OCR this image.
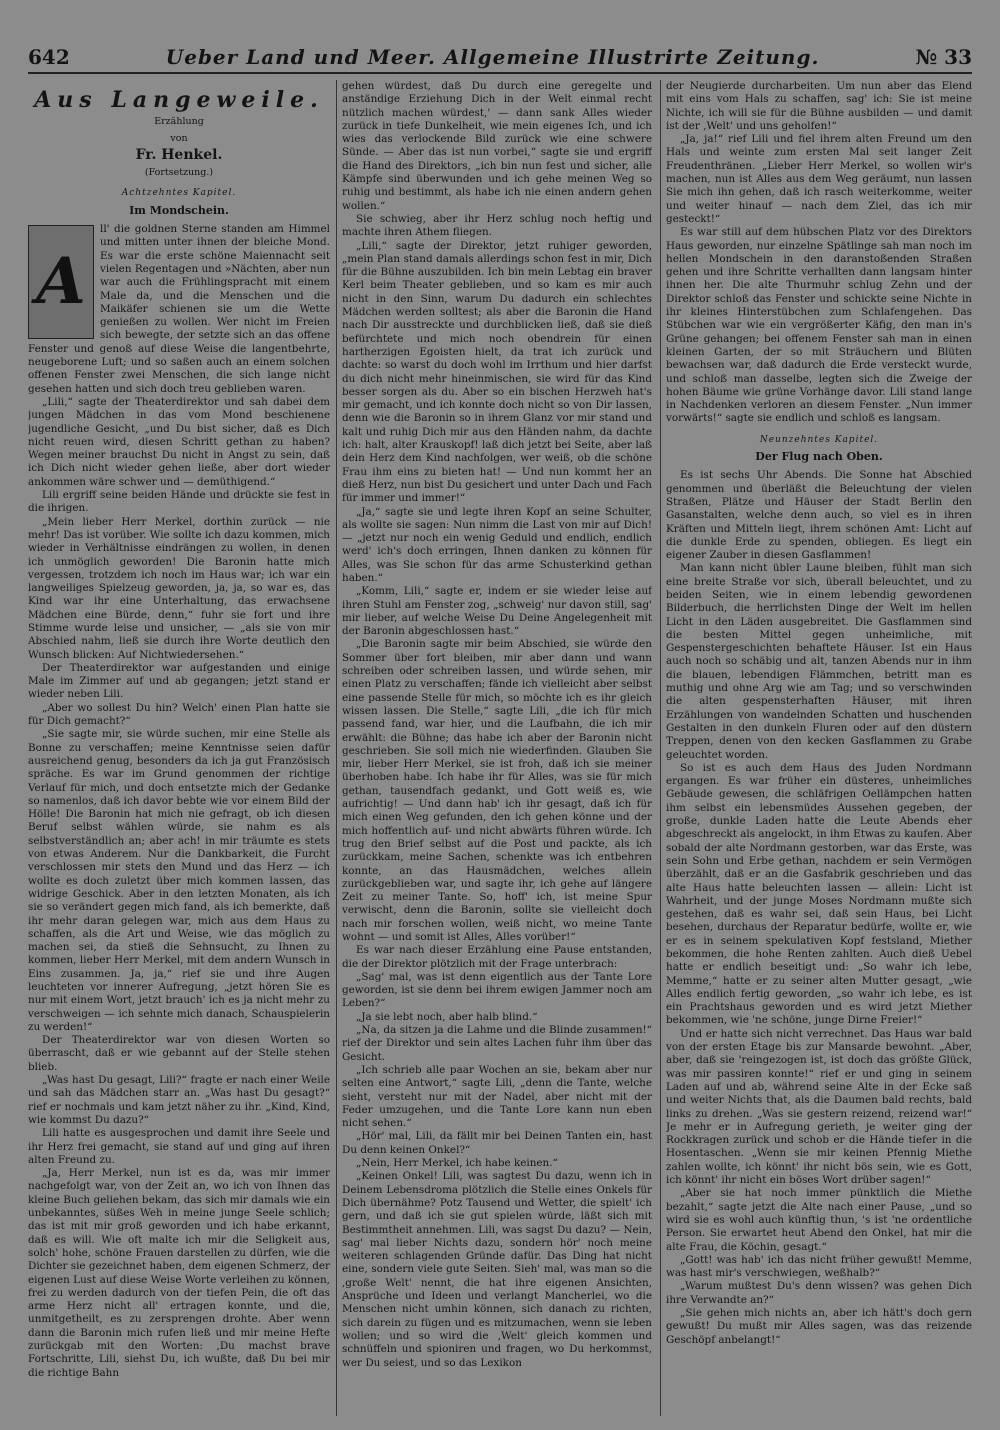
642	Ueber Land und Meer. Allgemeine Illustrirte Zeitung.	№ 33
Aus Langeweile.
Erzählung
von
Fr. Henkel.
(Fortsetzung.)
Achtzehntes Kapitel.
Im Mondschein.
A

ll' die goldnen Sterne standen am Himmel und mitten unter ihnen der bleiche Mond. Es war die erste schöne Maiennacht seit vielen Regentagen und »Nächten, aber nun war auch die Frühlingspracht mit einem Male da, und die Menschen und die Maikäfer schienen sie um die Wette genießen zu wollen. Wer nicht im Freien sich bewegte, der setzte sich an das offene Fenster und genoß auf diese Weise die langentbehrte, neugeborene Luft; und so saßen auch an einem solchen offenen Fenster zwei Menschen, die sich lange nicht gesehen hatten und sich doch treu geblieben waren.

„Lili,“ sagte der Theaterdirektor und sah dabei dem jungen Mädchen in das vom Mond beschienene jugendliche Gesicht, „und Du bist sicher, daß es Dich nicht reuen wird, diesen Schritt gethan zu haben? Wegen meiner brauchst Du nicht in Angst zu sein, daß ich Dich nicht wieder gehen ließe, aber dort wieder ankommen wäre schwer und — demüthigend.“

Lili ergriff seine beiden Hände und drückte sie fest in die ihrigen.

„Mein lieber Herr Merkel, dorthin zurück — nie mehr! Das ist vorüber. Wie sollte ich dazu kommen, mich wieder in Verhältnisse eindrängen zu wollen, in denen ich unmöglich geworden! Die Baronin hatte mich vergessen, trotzdem ich noch im Haus war; ich war ein langweiliges Spielzeug geworden, ja, ja, so war es, das Kind war ihr eine Unterhaltung, das erwachsene Mädchen eine Bürde, denn,“ fuhr sie fort und ihre Stimme wurde leise und unsicher, — „als sie von mir Abschied nahm, ließ sie durch ihre Worte deutlich den Wunsch blicken: Auf Nichtwiedersehen.“

Der Theaterdirektor war aufgestanden und einige Male im Zimmer auf und ab gegangen; jetzt stand er wieder neben Lili.

„Aber wo sollest Du hin? Welch' einen Plan hatte sie für Dich gemacht?“

„Sie sagte mir, sie würde suchen, mir eine Stelle als Bonne zu verschaffen; meine Kenntnisse seien dafür ausreichend genug, besonders da ich ja gut Französisch spräche. Es war im Grund genommen der richtige Verlauf für mich, und doch entsetzte mich der Gedanke so namenlos, daß ich davor bebte wie vor einem Bild der Hölle! Die Baronin hat mich nie gefragt, ob ich diesen Beruf selbst wählen würde, sie nahm es als selbstverständlich an; aber ach! in mir träumte es stets von etwas Anderem. Nur die Dankbarkeit, die Furcht verschlossen mir stets den Mund und das Herz — ich wollte es doch zuletzt über mich kommen lassen, das widrige Geschick. Aber in den letzten Monaten, als ich sie so verändert gegen mich fand, als ich bemerkte, daß ihr mehr daran gelegen war, mich aus dem Haus zu schaffen, als die Art und Weise, wie das möglich zu machen sei, da stieß die Sehnsucht, zu Ihnen zu kommen, lieber Herr Merkel, mit dem andern Wunsch in Eins zusammen. Ja, ja,“ rief sie und ihre Augen leuchteten vor innerer Aufregung, „jetzt hören Sie es nur mit einem Wort, jetzt brauch' ich es ja nicht mehr zu verschweigen — ich sehnte mich danach, Schauspielerin zu werden!“

Der Theaterdirektor war von diesen Worten so überrascht, daß er wie gebannt auf der Stelle stehen blieb.

„Was hast Du gesagt, Lili?“ fragte er nach einer Weile und sah das Mädchen starr an. „Was hast Du gesagt?“ rief er nochmals und kam jetzt näher zu ihr. „Kind, Kind, wie kommst Du dazu?“

Lili hatte es ausgesprochen und damit ihre Seele und ihr Herz frei gemacht, sie stand auf und ging auf ihren alten Freund zu.

„Ja, Herr Merkel, nun ist es da, was mir immer nachgefolgt war, von der Zeit an, wo ich von Ihnen das kleine Buch geliehen bekam, das sich mir damals wie ein unbekanntes, süßes Weh in meine junge Seele schlich; das ist mit mir groß geworden und ich habe erkannt, daß es will. Wie oft malte ich mir die Seligkeit aus, solch' hohe, schöne Frauen darstellen zu dürfen, wie die Dichter sie gezeichnet haben, dem eigenen Schmerz, der eigenen Lust auf diese Weise Worte verleihen zu können, frei zu werden dadurch von der tiefen Pein, die oft das arme Herz nicht all' ertragen konnte, und die, unmitgetheilt, es zu zersprengen drohte. Aber wenn dann die Baronin mich rufen ließ und mir meine Hefte zurückgab mit den Worten: ,Du machst brave Fortschritte, Lili, siehst Du, ich wußte, daß Du bei mir die richtige Bahn

gehen würdest, daß Du durch eine geregelte und anständige Erziehung Dich in der Welt einmal recht nützlich machen würdest,' — dann sank Alles wieder zurück in tiefe Dunkelheit, wie mein eigenes Ich, und ich wies das verlockende Bild zurück wie eine schwere Sünde. — Aber das ist nun vorbei,“ sagte sie und ergriff die Hand des Direktors, „ich bin nun fest und sicher, alle Kämpfe sind überwunden und ich gehe meinen Weg so ruhig und bestimmt, als habe ich nie einen andern gehen wollen.“

Sie schwieg, aber ihr Herz schlug noch heftig und machte ihren Athem fliegen.

„Lili,“ sagte der Direktor, jetzt ruhiger geworden, „mein Plan stand damals allerdings schon fest in mir, Dich für die Bühne auszubilden. Ich bin mein Lebtag ein braver Kerl beim Theater geblieben, und so kam es mir auch nicht in den Sinn, warum Du dadurch ein schlechtes Mädchen werden solltest; als aber die Baronin die Hand nach Dir ausstreckte und durchblicken ließ, daß sie dieß befürchtete und mich noch obendrein für einen hartherzigen Egoisten hielt, da trat ich zurück und dachte: so warst du doch wohl im Irrthum und hier darfst du dich nicht mehr hineinmischen, sie wird für das Kind besser sorgen als du. Aber so ein bischen Herzweh hat's mir gemacht, und ich konnte doch nicht so von Dir lassen, denn wie die Baronin so in ihrem Glanz vor mir stand und kalt und ruhig Dich mir aus den Händen nahm, da dachte ich: halt, alter Krauskopf! laß dich jetzt bei Seite, aber laß dein Herz dem Kind nachfolgen, wer weiß, ob die schöne Frau ihm eins zu bieten hat! — Und nun kommt her an dieß Herz, nun bist Du gesichert und unter Dach und Fach für immer und immer!“

„Ja,“ sagte sie und legte ihren Kopf an seine Schulter, als wollte sie sagen: Nun nimm die Last von mir auf Dich! — „jetzt nur noch ein wenig Geduld und endlich, endlich werd' ich's doch erringen, Ihnen danken zu können für Alles, was Sie schon für das arme Schusterkind gethan haben.“

„Komm, Lili,“ sagte er, indem er sie wieder leise auf ihren Stuhl am Fenster zog, „schweig' nur davon still, sag' mir lieber, auf welche Weise Du Deine Angelegenheit mit der Baronin abgeschlossen hast.“

„Die Baronin sagte mir beim Abschied, sie würde den Sommer über fort bleiben, mir aber dann und wann schreiben oder schreiben lassen, und würde sehen, mir einen Platz zu verschaffen; fände ich vielleicht aber selbst eine passende Stelle für mich, so möchte ich es ihr gleich wissen lassen. Die Stelle,“ sagte Lili, „die ich für mich passend fand, war hier, und die Laufbahn, die ich mir erwählt: die Bühne; das habe ich aber der Baronin nicht geschrieben. Sie soll mich nie wiederfinden. Glauben Sie mir, lieber Herr Merkel, sie ist froh, daß ich sie meiner überhoben habe. Ich habe ihr für Alles, was sie für mich gethan, tausendfach gedankt, und Gott weiß es, wie aufrichtig! — Und dann hab' ich ihr gesagt, daß ich für mich einen Weg gefunden, den ich gehen könne und der mich hoffentlich auf- und nicht abwärts führen würde. Ich trug den Brief selbst auf die Post und packte, als ich zurückkam, meine Sachen, schenkte was ich entbehren konnte, an das Hausmädchen, welches allein zurückgeblieben war, und sagte ihr, ich gehe auf längere Zeit zu meiner Tante. So, hoff' ich, ist meine Spur verwischt, denn die Baronin, sollte sie vielleicht doch nach mir forschen wollen, weiß nicht, wo meine Tante wohnt — und somit ist Alles, Alles vorüber!“

Es war nach dieser Erzählung eine Pause entstanden, die der Direktor plötzlich mit der Frage unterbrach:

„Sag' mal, was ist denn eigentlich aus der Tante Lore geworden, ist sie denn bei ihrem ewigen Jammer noch am Leben?“

„Ja sie lebt noch, aber halb blind.“

„Na, da sitzen ja die Lahme und die Blinde zusammen!“ rief der Direktor und sein altes Lachen fuhr ihm über das Gesicht.

„Ich schrieb alle paar Wochen an sie, bekam aber nur selten eine Antwort,“ sagte Lili, „denn die Tante, welche sieht, versteht nur mit der Nadel, aber nicht mit der Feder umzugehen, und die Tante Lore kann nun eben nicht sehen.“

„Hör' mal, Lili, da fällt mir bei Deinen Tanten ein, hast Du denn keinen Onkel?“

„Nein, Herr Merkel, ich habe keinen.“

„Keinen Onkel! Lili, was sagtest Du dazu, wenn ich in Deinem Lebensdroma plötzlich die Stelle eines Onkels für Dich übernähme? Potz Tausend und Wetter, die spielt' ich gern, und daß ich sie gut spielen würde, läßt sich mit Bestimmtheit annehmen. Lili, was sagst Du dazu? — Nein, sag' mal lieber Nichts dazu, sondern hör' noch meine weiteren schlagenden Gründe dafür. Das Ding hat nicht eine, sondern viele gute Seiten. Sieh' mal, was man so die ,große Welt' nennt, die hat ihre eigenen Ansichten, Ansprüche und Ideen und verlangt Mancherlei, wo die Menschen nicht umhin können, sich danach zu richten, sich darein zu fügen und es mitzumachen, wenn sie leben wollen; und so wird die ,Welt' gleich kommen und schnüffeln und spioniren und fragen, wo Du herkommst, wer Du seiest, und so das Lexikon

der Neugierde durcharbeiten. Um nun aber das Elend mit eins vom Hals zu schaffen, sag' ich: Sie ist meine Nichte, ich will sie für die Bühne ausbilden — und damit ist der ,Welt' und uns geholfen!“

„Ja, ja!“ rief Lili und fiel ihrem alten Freund um den Hals und weinte zum ersten Mal seit langer Zeit Freudenthränen. „Lieber Herr Merkel, so wollen wir's machen, nun ist Alles aus dem Weg geräumt, nun lassen Sie mich ihn gehen, daß ich rasch weiterkomme, weiter und weiter hinauf — nach dem Ziel, das ich mir gesteckt!“

Es war still auf dem hübschen Platz vor des Direktors Haus geworden, nur einzelne Spätlinge sah man noch im hellen Mondschein in den daranstoßenden Straßen gehen und ihre Schritte verhallten dann langsam hinter ihnen her. Die alte Thurmuhr schlug Zehn und der Direktor schloß das Fenster und schickte seine Nichte in ihr kleines Hinterstübchen zum Schlafengehen. Das Stübchen war wie ein vergrößerter Käfig, den man in's Grüne gehangen; bei offenem Fenster sah man in einen kleinen Garten, der so mit Sträuchern und Blüten bewachsen war, daß dadurch die Erde versteckt wurde, und schloß man dasselbe, legten sich die Zweige der hohen Bäume wie grüne Vorhänge davor. Lili stand lange in Nachdenken verloren an diesem Fenster. „Nun immer vorwärts!“ sagte sie endlich und schloß es langsam.

Neunzehntes Kapitel.
Der Flug nach Oben.

Es ist sechs Uhr Abends. Die Sonne hat Abschied genommen und überläßt die Beleuchtung der vielen Straßen, Plätze und Häuser der Stadt Berlin den Gasanstalten, welche denn auch, so viel es in ihren Kräften und Mitteln liegt, ihrem schönen Amt: Licht auf die dunkle Erde zu spenden, obliegen. Es liegt ein eigener Zauber in diesen Gasflammen!

Man kann nicht übler Laune bleiben, fühlt man sich eine breite Straße vor sich, überall beleuchtet, und zu beiden Seiten, wie in einem lebendig gewordenen Bilderbuch, die herrlichsten Dinge der Welt im hellen Licht in den Läden ausgebreitet. Die Gasflammen sind die besten Mittel gegen unheimliche, mit Gespenstergeschichten behaftete Häuser. Ist ein Haus auch noch so schäbig und alt, tanzen Abends nur in ihm die blauen, lebendigen Flämmchen, betritt man es muthig und ohne Arg wie am Tag; und so verschwinden die alten gespensterhaften Häuser, mit ihren Erzählungen von wandelnden Schatten und huschenden Gestalten in den dunkeln Fluren oder auf den düstern Treppen, denen von den kecken Gasflammen zu Grabe geleuchtet worden.

So ist es auch dem Haus des Juden Nordmann ergangen. Es war früher ein düsteres, unheimliches Gebäude gewesen, die schläfrigen Oellämpchen hatten ihm selbst ein lebensmüdes Aussehen gegeben, der große, dunkle Laden hatte die Leute Abends eher abgeschreckt als angelockt, in ihm Etwas zu kaufen. Aber sobald der alte Nordmann gestorben, war das Erste, was sein Sohn und Erbe gethan, nachdem er sein Vermögen überzählt, daß er an die Gasfabrik geschrieben und das alte Haus hatte beleuchten lassen — allein: Licht ist Wahrheit, und der junge Moses Nordmann mußte sich gestehen, daß es wahr sei, daß sein Haus, bei Licht besehen, durchaus der Reparatur bedürfe, wollte er, wie er es in seinem spekulativen Kopf festsland, Miether bekommen, die hohe Renten zahlten. Auch dieß Uebel hatte er endlich beseitigt und: „So wahr ich lebe, Memme,“ hatte er zu seiner alten Mutter gesagt, „wie Alles endlich fertig geworden, „so wahr ich lebe, es ist ein Prachtshaus geworden und es wird jetzt Miether bekommen, wie 'ne schöne, junge Dirne Freier!“

Und er hatte sich nicht verrechnet. Das Haus war bald von der ersten Etage bis zur Mansarde bewohnt. „Aber, aber, daß sie 'reingezogen ist, ist doch das größte Glück, was mir passiren konnte!“ rief er und ging in seinem Laden auf und ab, während seine Alte in der Ecke saß und weiter Nichts that, als die Daumen bald rechts, bald links zu drehen. „Was sie gestern reizend, reizend war!“ Je mehr er in Aufregung gerieth, je weiter ging der Rockkragen zurück und schob er die Hände tiefer in die Hosentaschen. „Wenn sie mir keinen Pfennig Miethe zahlen wollte, ich könnt' ihr nicht bös sein, wie es Gott, ich könnt' ihr nicht ein böses Wort drüber sagen!“

„Aber sie hat noch immer pünktlich die Miethe bezahlt,“ sagte jetzt die Alte nach einer Pause, „und so wird sie es wohl auch künftig thun, 's ist 'ne ordentliche Person. Sie erwartet heut Abend den Onkel, hat mir die alte Frau, die Köchin, gesagt.“

„Gott! was hab' ich das nicht früher gewußt! Memme, was hast mir's verschwiegen, weßhalb?“

„Warum mußtest Du's denn wissen? was gehen Dich ihre Verwandte an?“

„Sie gehen mich nichts an, aber ich hätt's doch gern gewußt! Du mußt mir Alles sagen, was das reizende Geschöpf anbelangt!“
